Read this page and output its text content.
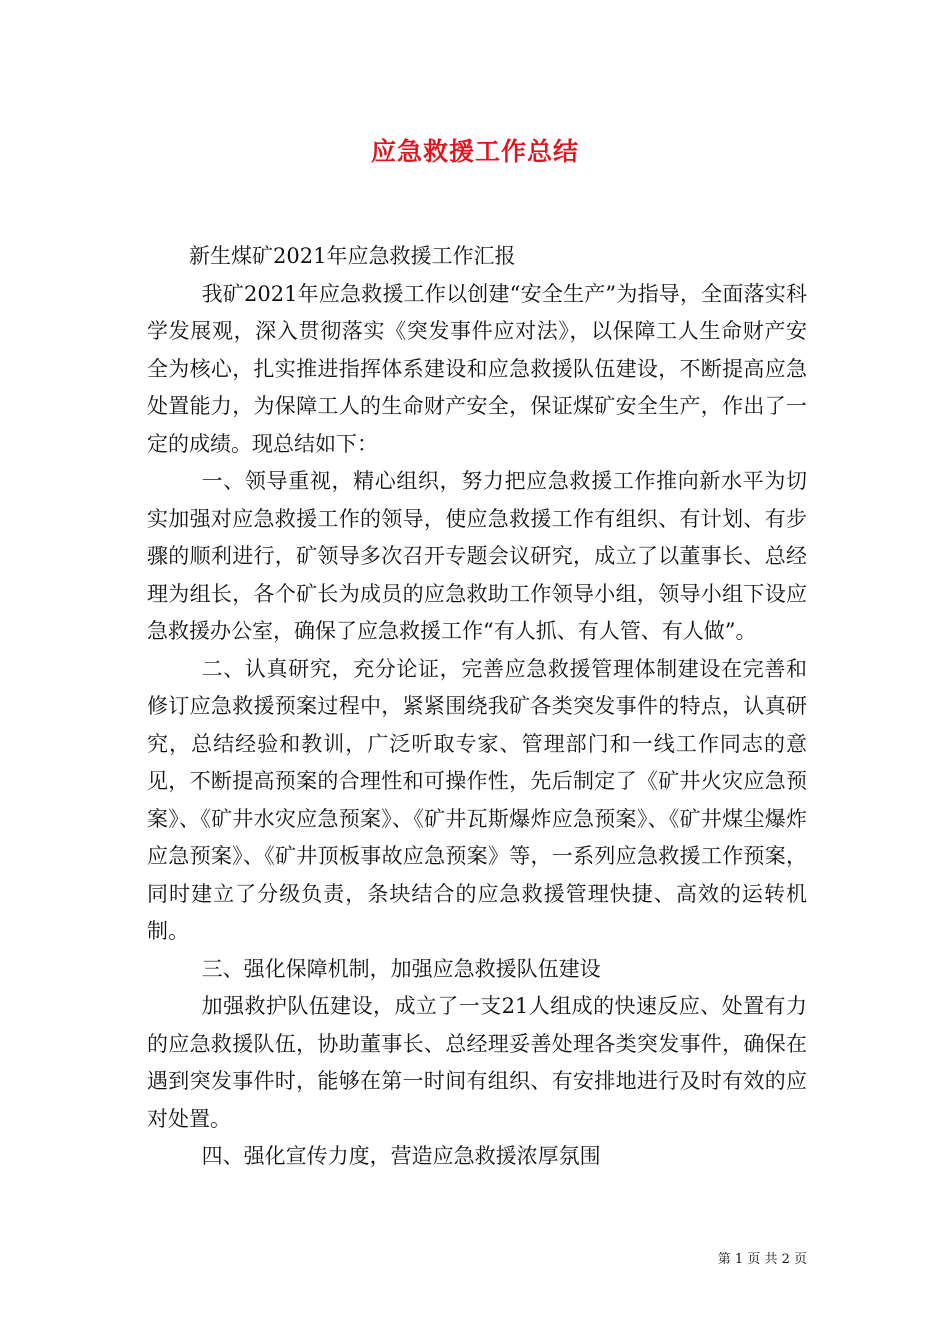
应急救援工作总结

新生煤矿2021年应急救援工作汇报

我矿2021年应急救援工作以创建“安全生产”为指导，全面落实科学发展观，深入贯彻落实《突发事件应对法》，以保障工人生命财产安全为核心，扎实推进指挥体系建设和应急救援队伍建设，不断提高应急处置能力，为保障工人的生命财产安全，保证煤矿安全生产，作出了一定的成绩。现总结如下：

一、领导重视，精心组织，努力把应急救援工作推向新水平为切实加强对应急救援工作的领导，使应急救援工作有组织、有计划、有步骤的顺利进行，矿领导多次召开专题会议研究，成立了以董事长、总经理为组长，各个矿长为成员的应急救助工作领导小组，领导小组下设应急救援办公室，确保了应急救援工作“有人抓、有人管、有人做”。

二、认真研究，充分论证，完善应急救援管理体制建设在完善和修订应急救援预案过程中，紧紧围绕我矿各类突发事件的特点，认真研究，总结经验和教训，广泛听取专家、管理部门和一线工作同志的意见，不断提高预案的合理性和可操作性，先后制定了《矿井火灾应急预案》、《矿井水灾应急预案》、《矿井瓦斯爆炸应急预案》、《矿井煤尘爆炸应急预案》、《矿井顶板事故应急预案》等，一系列应急救援工作预案，同时建立了分级负责，条块结合的应急救援管理快捷、高效的运转机制。

三、强化保障机制，加强应急救援队伍建设

加强救护队伍建设，成立了一支21人组成的快速反应、处置有力的应急救援队伍，协助董事长、总经理妥善处理各类突发事件，确保在遇到突发事件时，能够在第一时间有组织、有安排地进行及时有效的应对处置。

四、强化宣传力度，营造应急救援浓厚氛围

第 1 页 共 2 页
